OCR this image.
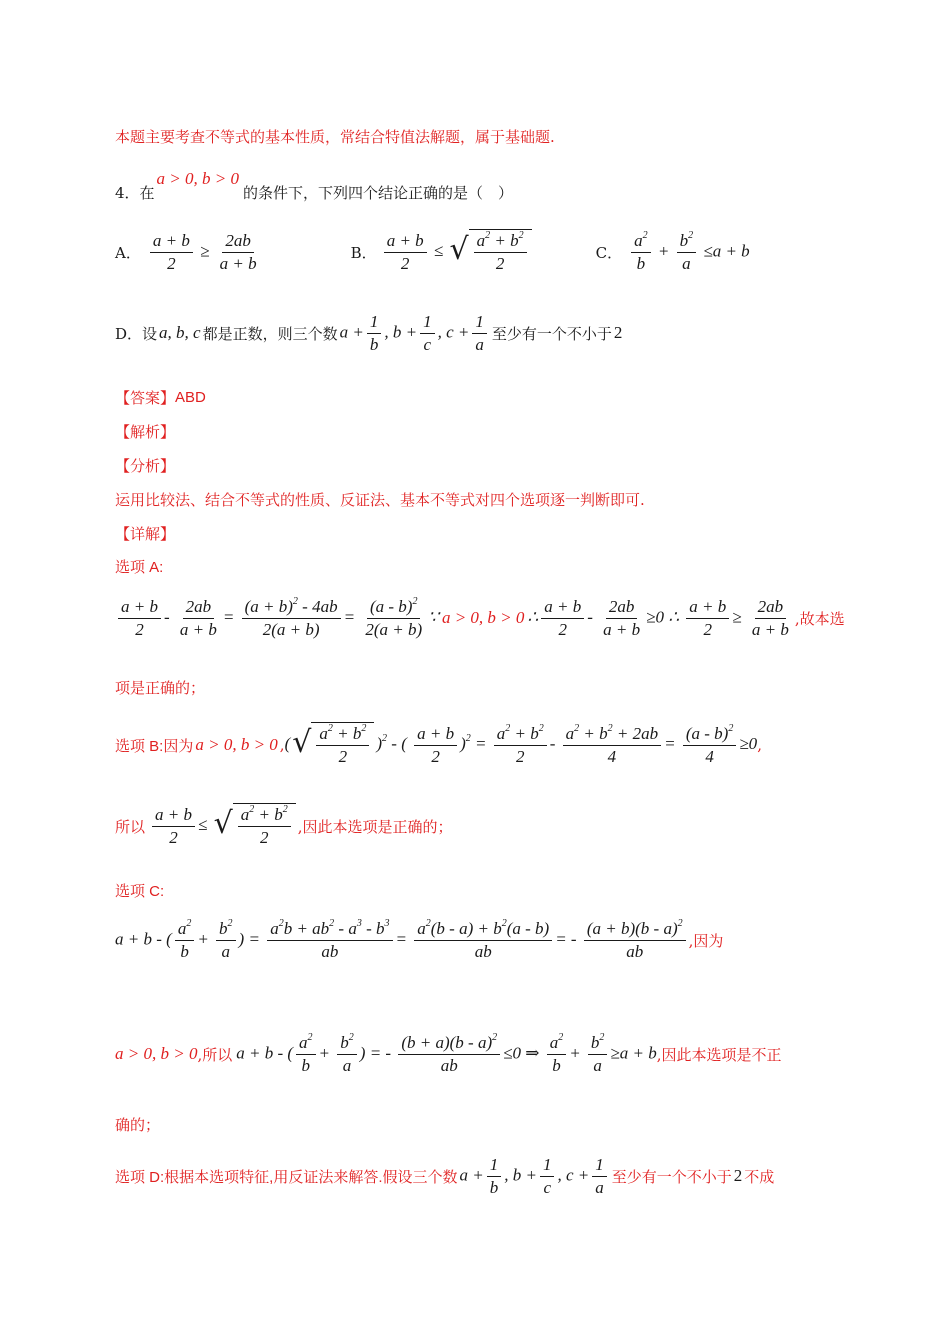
本题主要考查不等式的基本性质，常结合特值法解题，属于基础题.
4．在
a > 0, b > 0
的条件下，下列四个结论正确的是（　）
A． $\frac{a + b}{2} \ge \frac{2ab}{a + b}$	B． $\frac{a + b}{2}$ ≤ √ $\frac{a^2 + b^2}{2}$	C． $\frac{a^2}{b} + \frac{b^2}{a} \le a + b$
D．设 a, b, c 都是正数，则三个数 $a + \frac{1}{b}$ , $b + \frac{1}{c}$ , $c + \frac{1}{a}$ 至少有一个不小于 2
【答案】 ABD
【解析】
【分析】
运用比较法、结合不等式的性质、反证法、基本不等式对四个选项逐一判断即可.
【详解】
选项 A:
$\frac{a + b}{2} - \frac{2ab}{a + b} = \frac{(a + b)^2 - 4ab}{2(a + b)} = \frac{(a - b)^2}{2(a + b)}$ ∵ a > 0, b > 0 ∴ $\frac{a + b}{2} - \frac{2ab}{a + b} \ge 0$ ∴ $\frac{a + b}{2} \ge \frac{2ab}{a + b}$ ,故本选
项是正确的；
选项 B:因为 a > 0, b > 0 , ( √ $\frac{a^2 + b^2}{2} )^2$ - ( $\frac{a + b}{2} )^2 = \frac{a^2 + b^2}{2} - \frac{a^2 + b^2 + 2ab}{4} = \frac{(a - b)^2}{4} \ge 0$ ,
所以 $\frac{a + b}{2}$ ≤ √ $\frac{a^2 + b^2}{2}$ ,因此本选项是正确的；
选项 C:
a + b - ( $\frac{a^2}{b} + \frac{b^2}{a}$ ) = $\frac{a^2b + ab^2 - a^3 - b^3}{ab} = \frac{a^2(b - a) + b^2(a - b)}{ab}$ = - $\frac{(a + b)(b - a)^2}{ab}$ ,因为
a > 0, b > 0 ,所以 a + b - ( $\frac{a^2}{b} + \frac{b^2}{a}$ ) = - $\frac{(b + a)(b - a)^2}{ab} \le 0$ ⇒ $\frac{a^2}{b} + \frac{b^2}{a} \ge a + b$ ,因此本选项是不正
确的；
选项 D:根据本选项特征,用反证法来解答.假设三个数 $a + \frac{1}{b}$ , $b + \frac{1}{c}$ , $c + \frac{1}{a}$ 至少有一个不小于 2 不成
